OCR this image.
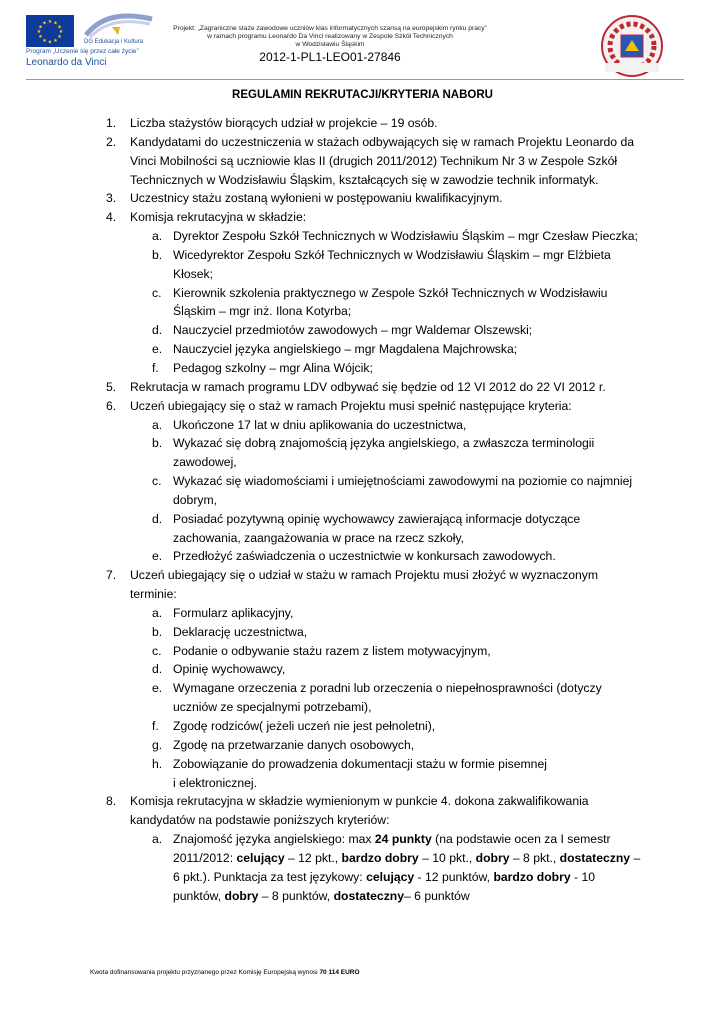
★ ★
★
★
★
★
★
★
★
★
★
★
DG Edukacja i Kultura
Program „Uczenie się przez całe życie”
Leonardo da Vinci
Projekt: „Zagraniczne staże zawodowe uczniów klas informatycznych szansą na europejskim rynku pracy”
w ramach programu Leonardo Da Vinci realizowany w Zespole Szkół Technicznych
w Wodzisławiu Śląskim
2012-1-PL1-LEO01-27846
REGULAMIN REKRUTACJI/KRYTERIA NABORU
1. Liczba stażystów biorących udział w projekcie – 19 osób.
2. Kandydatami do uczestniczenia w stażach odbywających się w ramach Projektu Leonardo da
Vinci Mobilności są uczniowie klas II (drugich 2011/2012) Technikum Nr 3 w Zespole Szkół
Technicznych w Wodzisławiu Śląskim, kształcących się w zawodzie technik informatyk.
3. Uczestnicy stażu zostaną wyłonieni w postępowaniu kwalifikacyjnym.
4. Komisja rekrutacyjna w składzie:
a. Dyrektor Zespołu Szkół Technicznych w Wodzisławiu Śląskim – mgr Czesław Pieczka;
b. Wicedyrektor Zespołu Szkół Technicznych w Wodzisławiu Śląskim – mgr Elżbieta
Kłosek;
c. Kierownik szkolenia praktycznego w Zespole Szkół Technicznych w Wodzisławiu
Śląskim – mgr inż. Ilona Kotyrba;
d. Nauczyciel przedmiotów zawodowych – mgr Waldemar Olszewski;
e. Nauczyciel języka angielskiego – mgr Magdalena Majchrowska;
f. Pedagog szkolny – mgr Alina Wójcik;
5. Rekrutacja w ramach programu LDV odbywać się będzie od 12 VI 2012 do 22 VI 2012 r.
6. Uczeń ubiegający się o staż w ramach Projektu musi spełnić następujące kryteria:
a. Ukończone 17 lat w dniu aplikowania do uczestnictwa,
b. Wykazać się dobrą znajomością języka angielskiego, a zwłaszcza terminologii
zawodowej,
c. Wykazać się wiadomościami i umiejętnościami zawodowymi na poziomie co najmniej
dobrym,
d. Posiadać pozytywną opinię wychowawcy zawierającą informacje dotyczące
zachowania, zaangażowania w prace na rzecz szkoły,
e. Przedłożyć zaświadczenia o uczestnictwie w konkursach zawodowych.
7. Uczeń ubiegający się o udział w stażu w ramach Projektu musi złożyć w wyznaczonym
terminie:
a. Formularz aplikacyjny,
b. Deklarację uczestnictwa,
c. Podanie o odbywanie stażu razem z listem motywacyjnym,
d. Opinię wychowawcy,
e. Wymagane orzeczenia z poradni lub orzeczenia o niepełnosprawności (dotyczy
uczniów ze specjalnymi potrzebami),
f. Zgodę rodziców( jeżeli uczeń nie jest pełnoletni),
g. Zgodę na przetwarzanie danych osobowych,
h. Zobowiązanie do prowadzenia dokumentacji stażu w formie pisemnej
i elektronicznej.
8. Komisja rekrutacyjna w składzie wymienionym w punkcie 4. dokona zakwalifikowania
kandydatów na podstawie poniższych kryteriów:
a. Znajomość języka angielskiego: max 24 punkty (na podstawie ocen za I semestr
2011/2012: celujący – 12 pkt., bardzo dobry – 10 pkt., dobry – 8 pkt., dostateczny –
6 pkt.). Punktacja za test językowy: celujący - 12 punktów, bardzo dobry - 10
punktów, dobry – 8 punktów, dostateczny– 6 punktów
Kwota dofinansowania projektu przyznanego przez Komisję Europejską wynosi 70 114 EURO
